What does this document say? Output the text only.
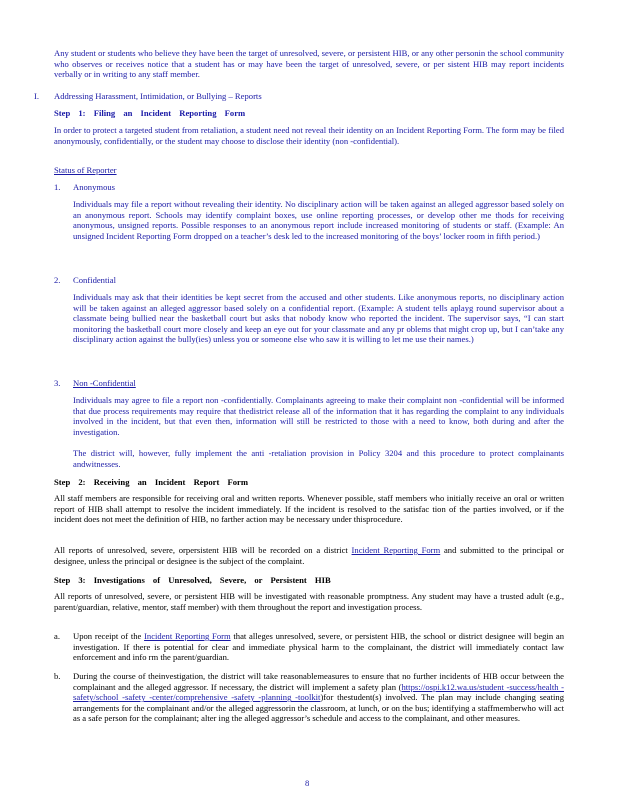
Any student or students who believe they have been the target of unresolved, severe, or persistent HIB, or any other personin the school community who observes or receives notice that a student has or may have been the target of unresolved, severe, or per sistent HIB may report incidents verbally or in writing to any staff member.

I. Addressing Harassment, Intimidation, or Bullying – Reports

Step 1: Filing an Incident Reporting Form

In order to protect a targeted student from retaliation, a student need not reveal their identity on an Incident Reporting Form. The form may be filed anonymously, confidentially, or the student may choose to disclose their identity (non -confidential).

Status of Reporter

1. Anonymous

Individuals may file a report without revealing their identity. No disciplinary action will be taken against an alleged aggressor based solely on an anonymous report. Schools may identify complaint boxes, use online reporting processes, or develop other me thods for receiving anonymous, unsigned reports. Possible responses to an anonymous report include increased monitoring of students or staff. (Example: An unsigned Incident Reporting Form dropped on a teacher’s desk led to the increased monitoring of the boys’ locker room in fifth period.)

2. Confidential

Individuals may ask that their identities be kept secret from the accused and other students. Like anonymous reports, no disciplinary action will be taken against an alleged aggressor based solely on a confidential report. (Example: A student tells aplayg round supervisor about a classmate being bullied near the basketball court but asks that nobody know who reported the incident. The supervisor says, “I can start monitoring the basketball court more closely and keep an eye out for your classmate and any pr oblems that might crop up, but I can’take any disciplinary action against the bully(ies) unless you or someone else who saw it is willing to let me use their names.)

3. Non -Confidential

Individuals may agree to file a report non -confidentially. Complainants agreeing to make their complaint non -confidential will be informed that due process requirements may require that thedistrict release all of the information that it has regarding the complaint to any individuals involved in the incident, but that even then, information will still be restricted to those with a need to know, both during and after the investigation.

The district will, however, fully implement the anti -retaliation provision in Policy 3204 and this procedure to protect complainants andwitnesses.

Step 2: Receiving an Incident Report Form

All staff members are responsible for receiving oral and written reports. Whenever possible, staff members who initially receive an oral or written report of HIB shall attempt to resolve the incident immediately. If the incident is resolved to the satisfac tion of the parties involved, or if the incident does not meet the definition of HIB, no farther action may be necessary under thisprocedure.

All reports of unresolved, severe, orpersistent HIB will be recorded on a district Incident Reporting Form and submitted to the principal or designee, unless the principal or designee is the subject of the complaint.

Step 3: Investigations of Unresolved, Severe, or Persistent HIB

All reports of unresolved, severe, or persistent HIB will be investigated with reasonable promptness. Any student may have a trusted adult (e.g., parent/guardian, relative, mentor, staff member) with them throughout the report and investigation process.

a. Upon receipt of the Incident Reporting Form that alleges unresolved, severe, or persistent HIB, the school or district designee will begin an investigation. If there is potential for clear and immediate physical harm to the complainant, the district will immediately contact law enforcement and info rm the parent/guardian.

b. During the course of theinvestigation, the district will take reasonablemeasures to ensure that no further incidents of HIB occur between the complainant and the alleged aggressor. If necessary, the district will implement a safety plan (https://ospi.k12.wa.us/student -success/health -safety/school -safety -center/comprehensive -safety -planning -toolkit)for thestudent(s) involved. The plan may include changing seating arrangements for the complainant and/or the alleged aggressorin the classroom, at lunch, or on the bus; identifying a staffmemberwho will act as a safe person for the complainant; alter ing the alleged aggressor’s schedule and access to the complainant, and other measures.

8
